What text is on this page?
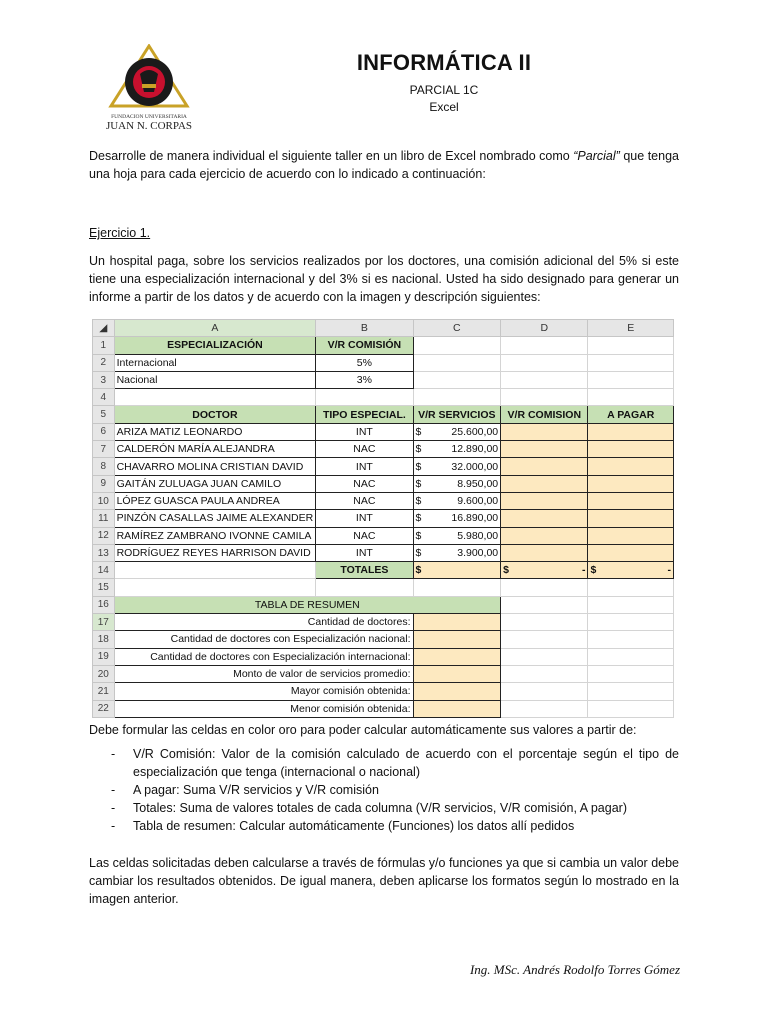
FUNDACION UNIVERSITARIA
JUAN N. CORPAS
INFORMÁTICA II
PARCIAL 1C
Excel
Desarrolle de manera individual el siguiente taller en un libro de Excel nombrado como “Parcial” que tenga una hoja para cada ejercicio de acuerdo con lo indicado a continuación:
Ejercicio 1.
Un hospital paga, sobre los servicios realizados por los doctores, una comisión adicional del 5% si este tiene una especialización internacional y del 3% si es nacional. Usted ha sido designado para generar un informe a partir de los datos y de acuerdo con la imagen y descripción siguientes:
◢	A	B	C	D	E
1	ESPECIALIZACIÓN	V/R COMISIÓN			
2	Internacional	5%			
3	Nacional	3%			
4					
5	DOCTOR	TIPO ESPECIAL.	V/R SERVICIOS	V/R COMISION	A PAGAR
6	ARIZA MATIZ LEONARDO	INT	$ 25.600,00		

7	CALDERÓN MARÍA ALEJANDRA	NAC	$ 12.890,00		

8	CHAVARRO MOLINA CRISTIAN DAVID	INT	$ 32.000,00		

9	GAITÁN ZULUAGA JUAN CAMILO	NAC	$ 8.950,00		

10	LÓPEZ GUASCA PAULA ANDREA	NAC	$ 9.600,00		

11	PINZÓN CASALLAS JAIME ALEXANDER	INT	$ 16.890,00		

12	RAMÍREZ ZAMBRANO IVONNE CAMILA	NAC	$ 5.980,00		

13	RODRÍGUEZ REYES HARRISON DAVID	INT	$ 3.900,00		

14		TOTALES	$	$ -	$ -

15					
16	TABLA DE RESUMEN				
17	Cantidad de doctores:				
18	Cantidad de doctores con Especialización nacional:				
19	Cantidad de doctores con Especialización internacional:				
20	Monto de valor de servicios promedio:				
21	Mayor comisión obtenida:				
22	Menor comisión obtenida:				
Debe formular las celdas en color oro para poder calcular automáticamente sus valores a partir de:
- V/R Comisión: Valor de la comisión calculado de acuerdo con el porcentaje según el tipo de especialización que tenga (internacional o nacional)
- A pagar: Suma V/R servicios y V/R comisión
- Totales: Suma de valores totales de cada columna (V/R servicios, V/R comisión, A pagar)
- Tabla de resumen: Calcular automáticamente (Funciones) los datos allí pedidos
Las celdas solicitadas deben calcularse a través de fórmulas y/o funciones ya que si cambia un valor debe cambiar los resultados obtenidos. De igual manera, deben aplicarse los formatos según lo mostrado en la imagen anterior.
Ing. MSc. Andrés Rodolfo Torres Gómez
